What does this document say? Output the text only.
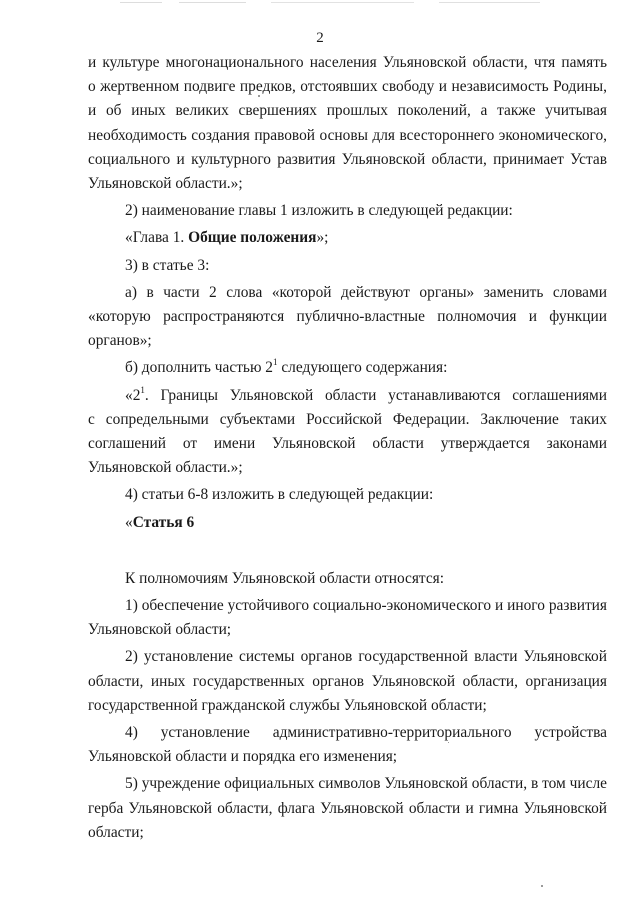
2

и культуре многонационального населения Ульяновской области, чтя память
о жертвенном подвиге предков, отстоявших свободу и независимость Родины,
и об иных великих свершениях прошлых поколений, а также учитывая
необходимость создания правовой основы для всестороннего экономического,
социального и культурного развития Ульяновской области, принимает Устав
Ульяновской области.»;

2) наименование главы 1 изложить в следующей редакции:

«Глава 1. Общие положения»;

3) в статье 3:

а) в части 2 слова «которой действуют органы» заменить словами
«которую распространяются публично-властные полномочия и функции
органов»;

б) дополнить частью $2^1$ следующего содержания:

«$2^1$. Границы Ульяновской области устанавливаются соглашениями
с сопредельными субъектами Российской Федерации. Заключение таких
соглашений от имени Ульяновской области утверждается законами
Ульяновской области.»;

4) статьи 6-8 изложить в следующей редакции:

«Статья 6

К полномочиям Ульяновской области относятся:

1) обеспечение устойчивого социально-экономического и иного развития
Ульяновской области;

2) установление системы органов государственной власти Ульяновской
области, иных государственных органов Ульяновской области, организация
государственной гражданской службы Ульяновской области;

4) установление административно-территориального устройства
Ульяновской области и порядка его изменения;

5) учреждение официальных символов Ульяновской области, в том числе
герба Ульяновской области, флага Ульяновской области и гимна Ульяновской
области;
